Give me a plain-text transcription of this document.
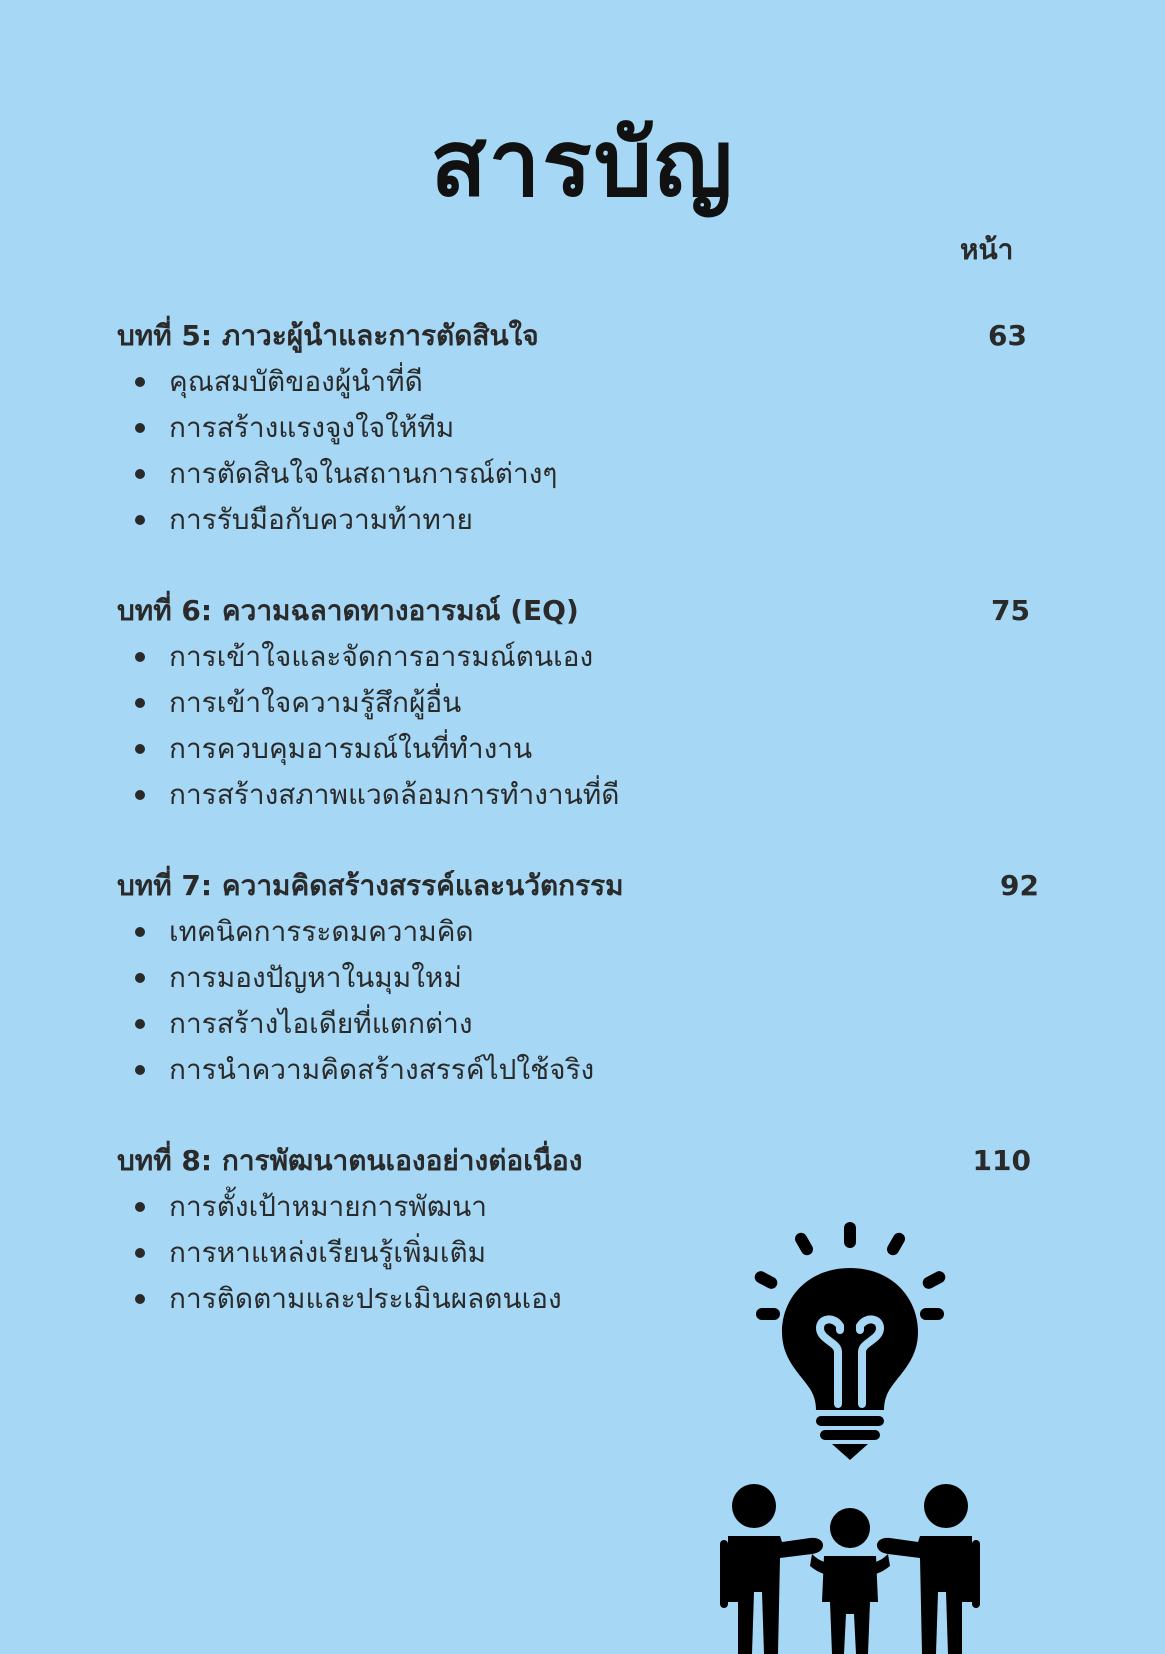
สารบัญ
หน้า
บทที่ 5: ภาวะผู้นำและการตัดสินใจ	63
คุณสมบัติของผู้นำที่ดี
การสร้างแรงจูงใจให้ทีม
การตัดสินใจในสถานการณ์ต่างๆ
การรับมือกับความท้าทาย
บทที่ 6: ความฉลาดทางอารมณ์ (EQ)	75
การเข้าใจและจัดการอารมณ์ตนเอง
การเข้าใจความรู้สึกผู้อื่น
การควบคุมอารมณ์ในที่ทำงาน
การสร้างสภาพแวดล้อมการทำงานที่ดี
บทที่ 7: ความคิดสร้างสรรค์และนวัตกรรม	92
เทคนิคการระดมความคิด
การมองปัญหาในมุมใหม่
การสร้างไอเดียที่แตกต่าง
การนำความคิดสร้างสรรค์ไปใช้จริง
บทที่ 8: การพัฒนาตนเองอย่างต่อเนื่อง	110
การตั้งเป้าหมายการพัฒนา
การหาแหล่งเรียนรู้เพิ่มเติม
การติดตามและประเมินผลตนเอง
